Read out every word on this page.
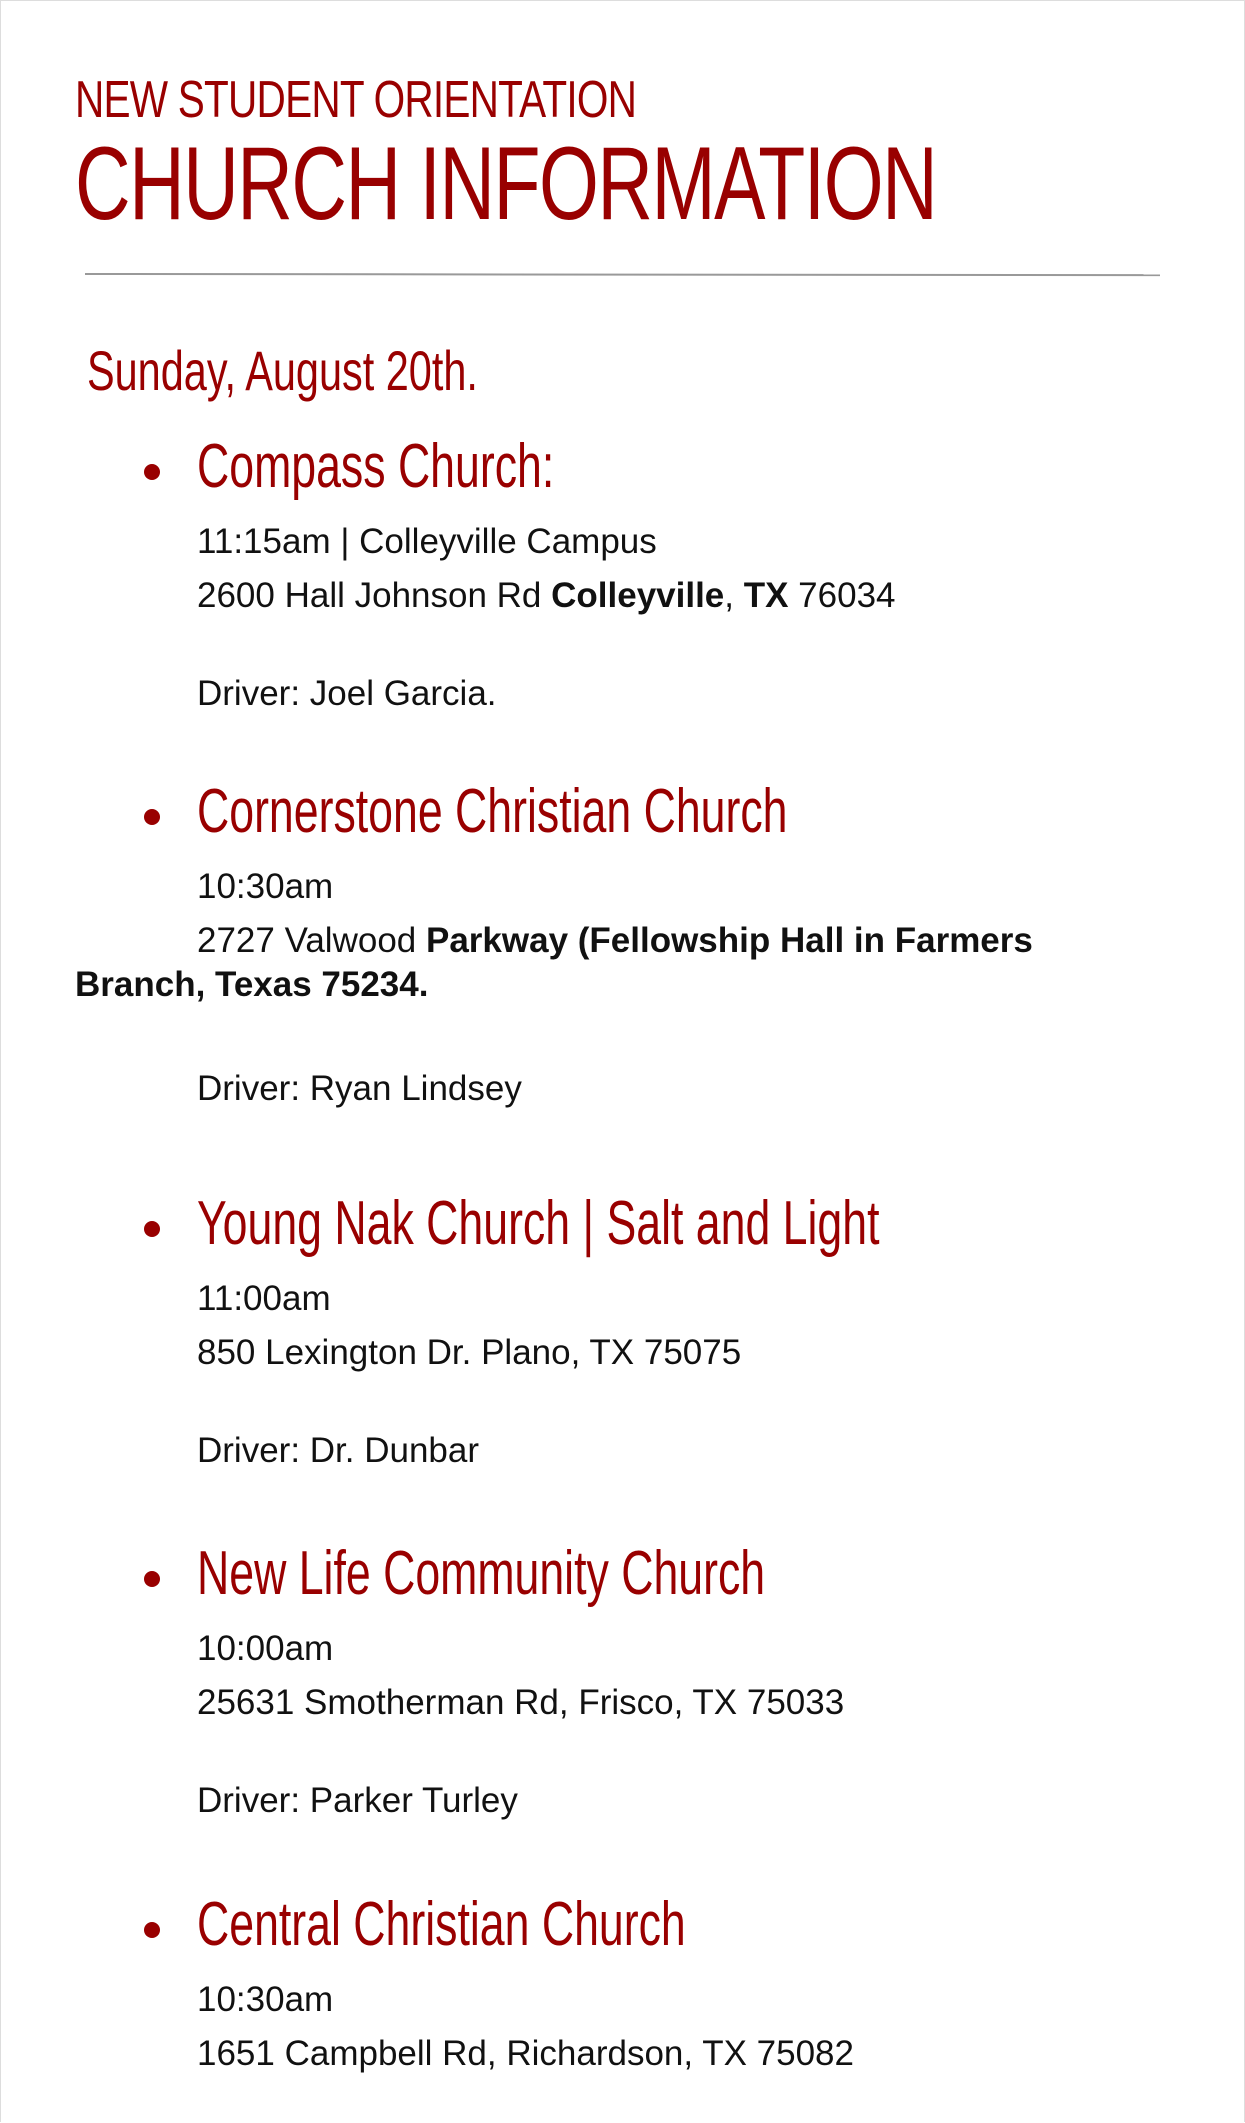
NEW STUDENT ORIENTATION
CHURCH INFORMATION
Sunday, August 20th.
Compass Church:
11:15am | Colleyville Campus
2600 Hall Johnson Rd Colleyville, TX 76034
Driver: Joel Garcia.
Cornerstone Christian Church
10:30am
2727 Valwood Parkway (Fellowship Hall in Farmers
Branch, Texas 75234.
Driver: Ryan Lindsey
Young Nak Church | Salt and Light
11:00am
850 Lexington Dr. Plano, TX 75075
Driver: Dr. Dunbar
New Life Community Church
10:00am
25631 Smotherman Rd, Frisco, TX 75033
Driver: Parker Turley
Central Christian Church
10:30am
1651 Campbell Rd, Richardson, TX 75082
